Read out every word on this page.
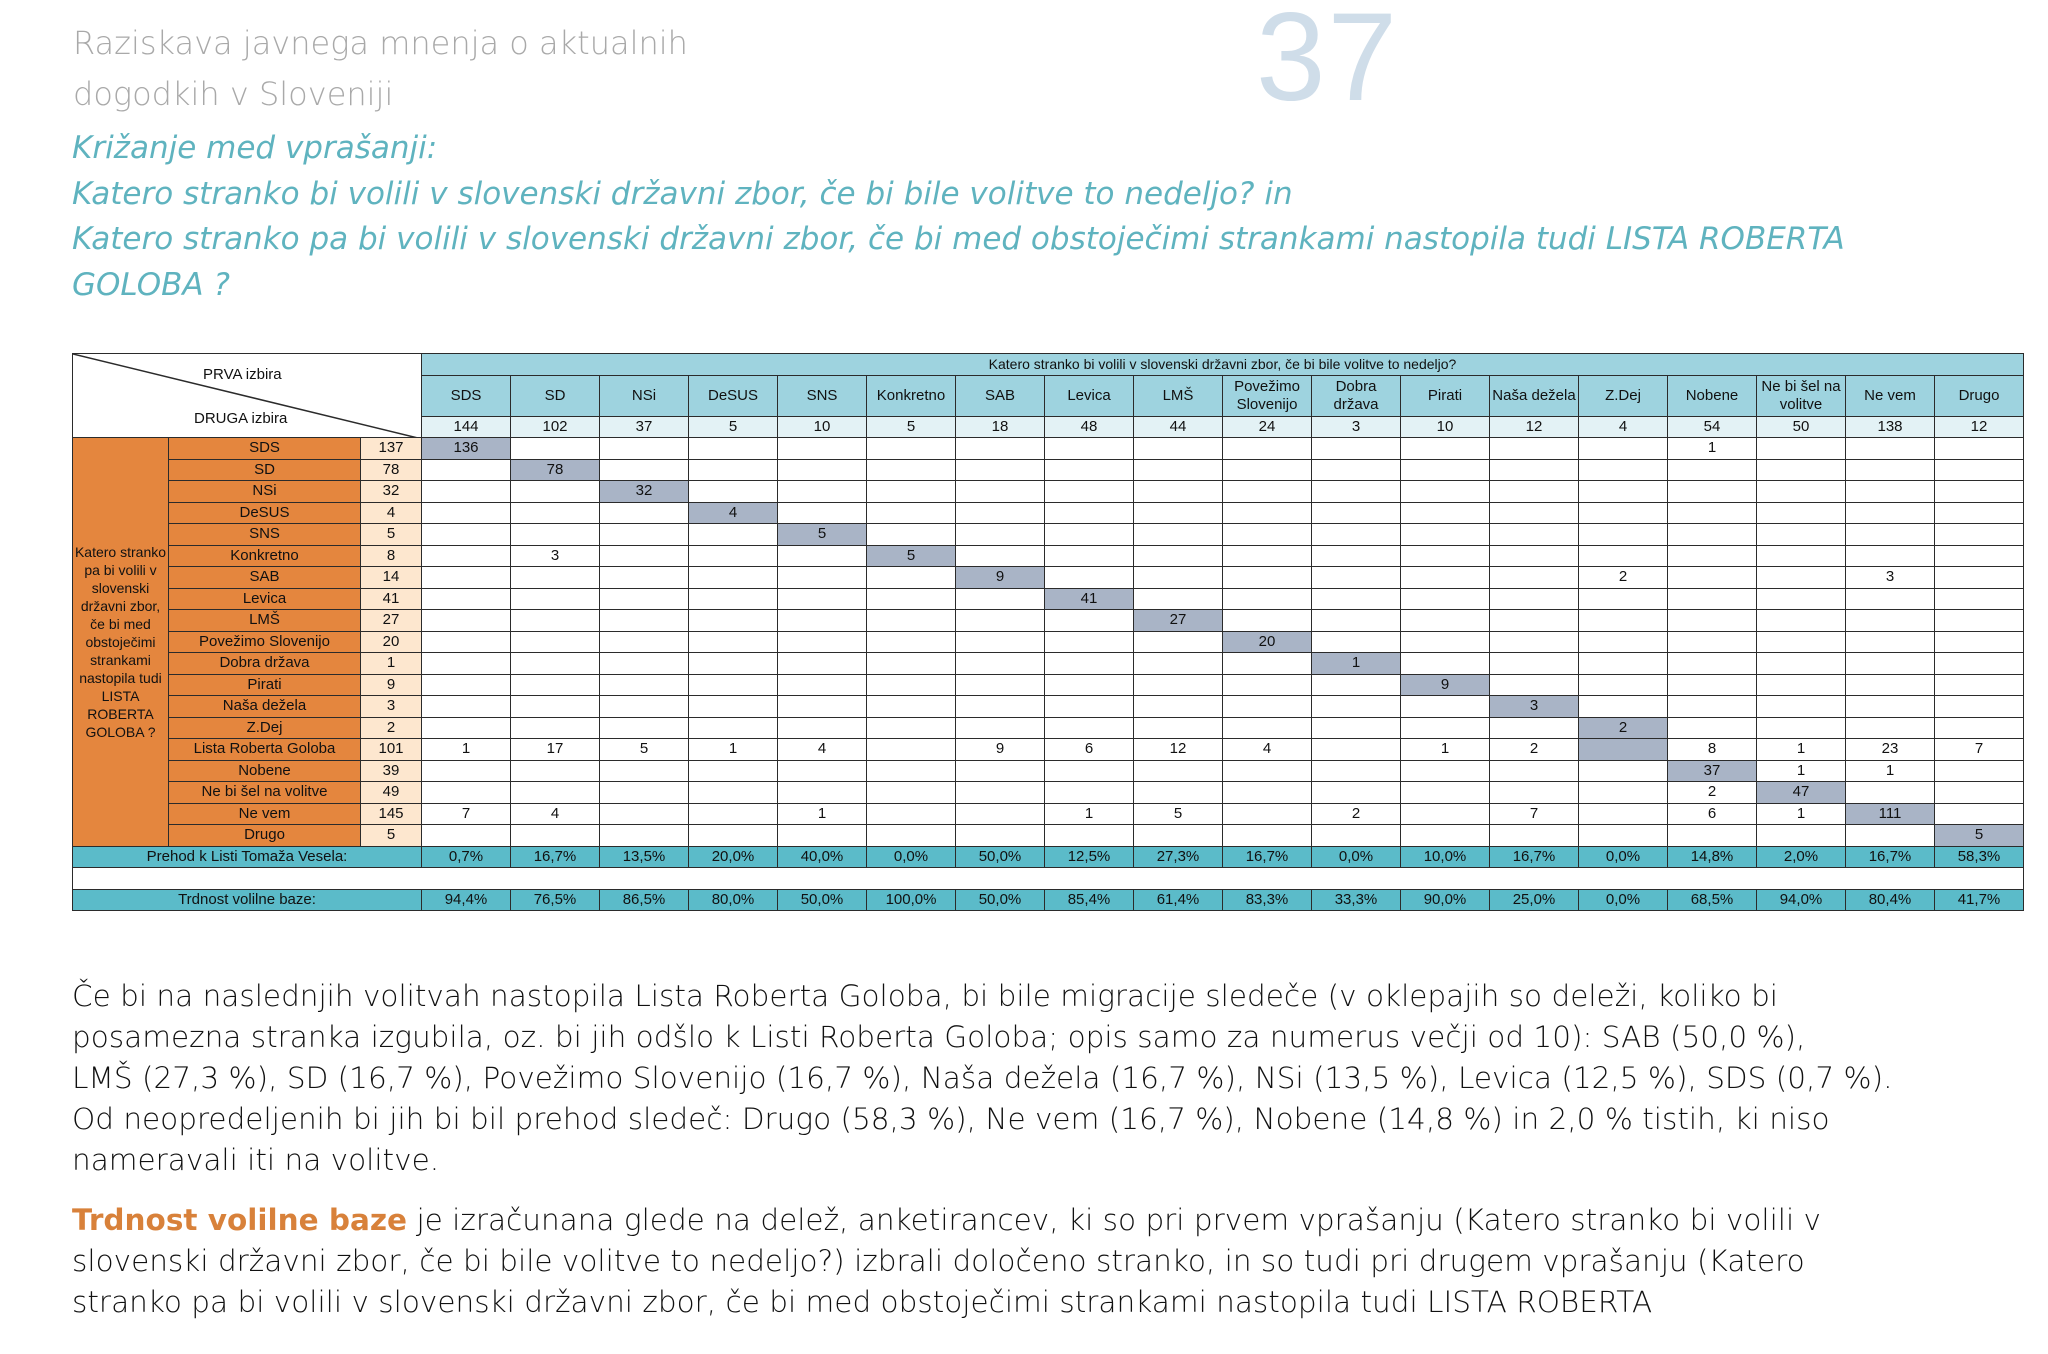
Raziskava javnega mnenja o aktualnih
dogodkih v Sloveniji	37
Križanje med vprašanji:
Katero stranko bi volili v slovenski državni zbor, če bi bile volitve to nedeljo? in
Katero stranko pa bi volili v slovenski državni zbor, če bi med obstoječimi strankami nastopila tudi LISTA ROBERTA
GOLOBA ?
PRVA izbira
DRUGA izbira			Katero stranko bi volili v slovenski državni zbor, če bi bile volitve to nedeljo?																	
			SDS	SD	NSi	DeSUS	SNS	Konkretno	SAB	Levica	LMŠ	Povežimo Slovenijo	Dobra država	Pirati	Naša dežela	Z.Dej	Nobene	Ne bi šel na volitve	Ne vem	Drugo
			144	102	37	5	10	5	18	48	44	24	3	10	12	4	54	50	138	12
Katero stranko pa bi volili v slovenski državni zbor, če bi med obstoječimi strankami nastopila tudi LISTA ROBERTA GOLOBA ?	SDS	137	136														1			
	SD	78		78																
	NSi	32			32															
	DeSUS	4				4														
	SNS	5					5													
	Konkretno	8		3				5												
	SAB	14							9							2			3	
	Levica	41								41										
	LMŠ	27									27									
	Povežimo Slovenijo	20										20								
	Dobra država	1											1							
	Pirati	9												9						
	Naša dežela	3													3					
	Z.Dej	2														2				
	Lista Roberta Goloba	101	1	17	5	1	4		9	6	12	4		1	2		8	1	23	7
	Nobene	39															37	1	1	
	Ne bi šel na volitve	49															2	47		
	Ne vem	145	7	4			1			1	5		2		7		6	1	111	
	Drugo	5																		5
Prehod k Listi Tomaža Vesela:			0,7%	16,7%	13,5%	20,0%	40,0%	0,0%	50,0%	12,5%	27,3%	16,7%	0,0%	10,0%	16,7%	0,0%	14,8%	2,0%	16,7%	58,3%

Trdnost volilne baze:			94,4%	76,5%	86,5%	80,0%	50,0%	100,0%	50,0%	85,4%	61,4%	83,3%	33,3%	90,0%	25,0%	0,0%	68,5%	94,0%	80,4%	41,7%
Če bi na naslednjih volitvah nastopila Lista Roberta Goloba, bi bile migracije sledeče (v oklepajih so deleži, koliko bi
posamezna stranka izgubila, oz. bi jih odšlo k Listi Roberta Goloba; opis samo za numerus večji od 10): SAB (50,0 %),
LMŠ (27,3 %), SD (16,7 %), Povežimo Slovenijo (16,7 %), Naša dežela (16,7 %), NSi (13,5 %), Levica (12,5 %), SDS (0,7 %).
Od neopredeljenih bi jih bi bil prehod sledeč: Drugo (58,3 %), Ne vem (16,7 %), Nobene (14,8 %) in 2,0 % tistih, ki niso
nameravali iti na volitve.
Trdnost volilne baze je izračunana glede na delež, anketirancev, ki so pri prvem vprašanju (Katero stranko bi volili v
slovenski državni zbor, če bi bile volitve to nedeljo?) izbrali določeno stranko, in so tudi pri drugem vprašanju (Katero
stranko pa bi volili v slovenski državni zbor, če bi med obstoječimi strankami nastopila tudi LISTA ROBERTA
